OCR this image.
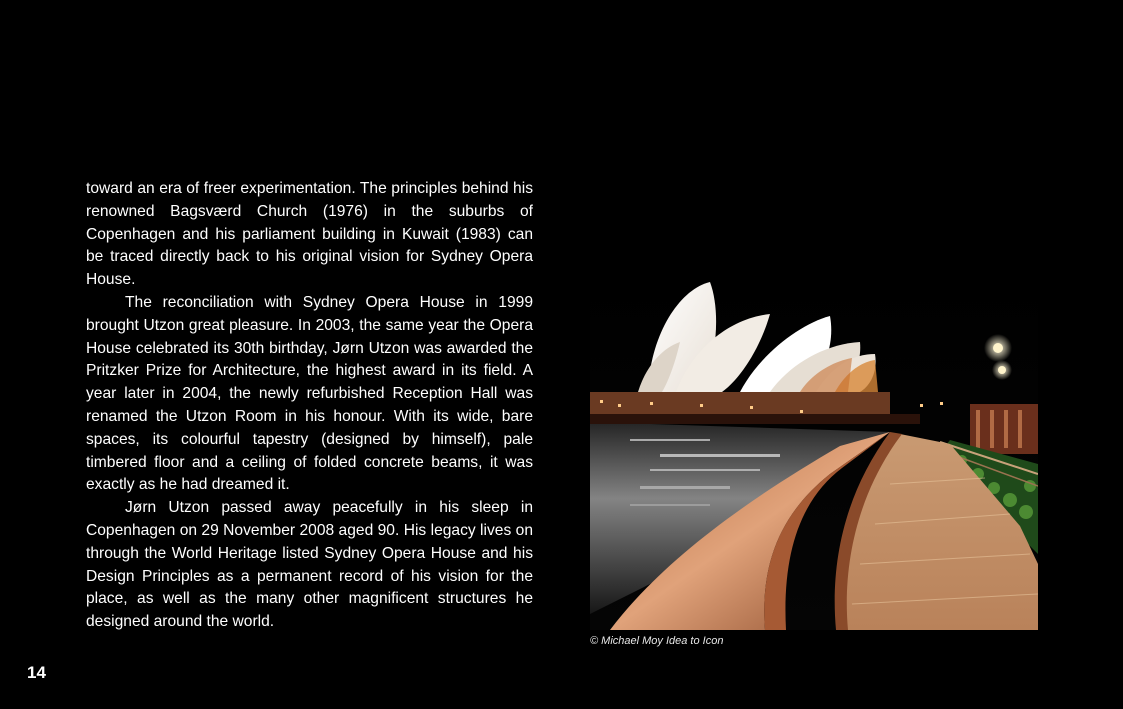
toward an era of freer experimentation. The principles behind his renowned Bagsværd Church (1976) in the suburbs of Copenhagen and his parliament building in Kuwait (1983) can be traced directly back to his original vision for Sydney Opera House.

The reconciliation with Sydney Opera House in 1999 brought Utzon great pleasure. In 2003, the same year the Opera House celebrated its 30th birthday, Jørn Utzon was awarded the Pritzker Prize for Architecture, the highest award in its field. A year later in 2004, the newly refurbished Reception Hall was renamed the Utzon Room in his honour. With its wide, bare spaces, its colourful tapestry (designed by himself), pale timbered floor and a ceiling of folded concrete beams, it was exactly as he had dreamed it.

Jørn Utzon passed away peacefully in his sleep in Copenhagen on 29 November 2008 aged 90. His legacy lives on through the World Heritage listed Sydney Opera House and his Design Principles as a permanent record of his vision for the place, as well as the many other magnificent structures he designed around the world.

© Michael Moy Idea to Icon
14
